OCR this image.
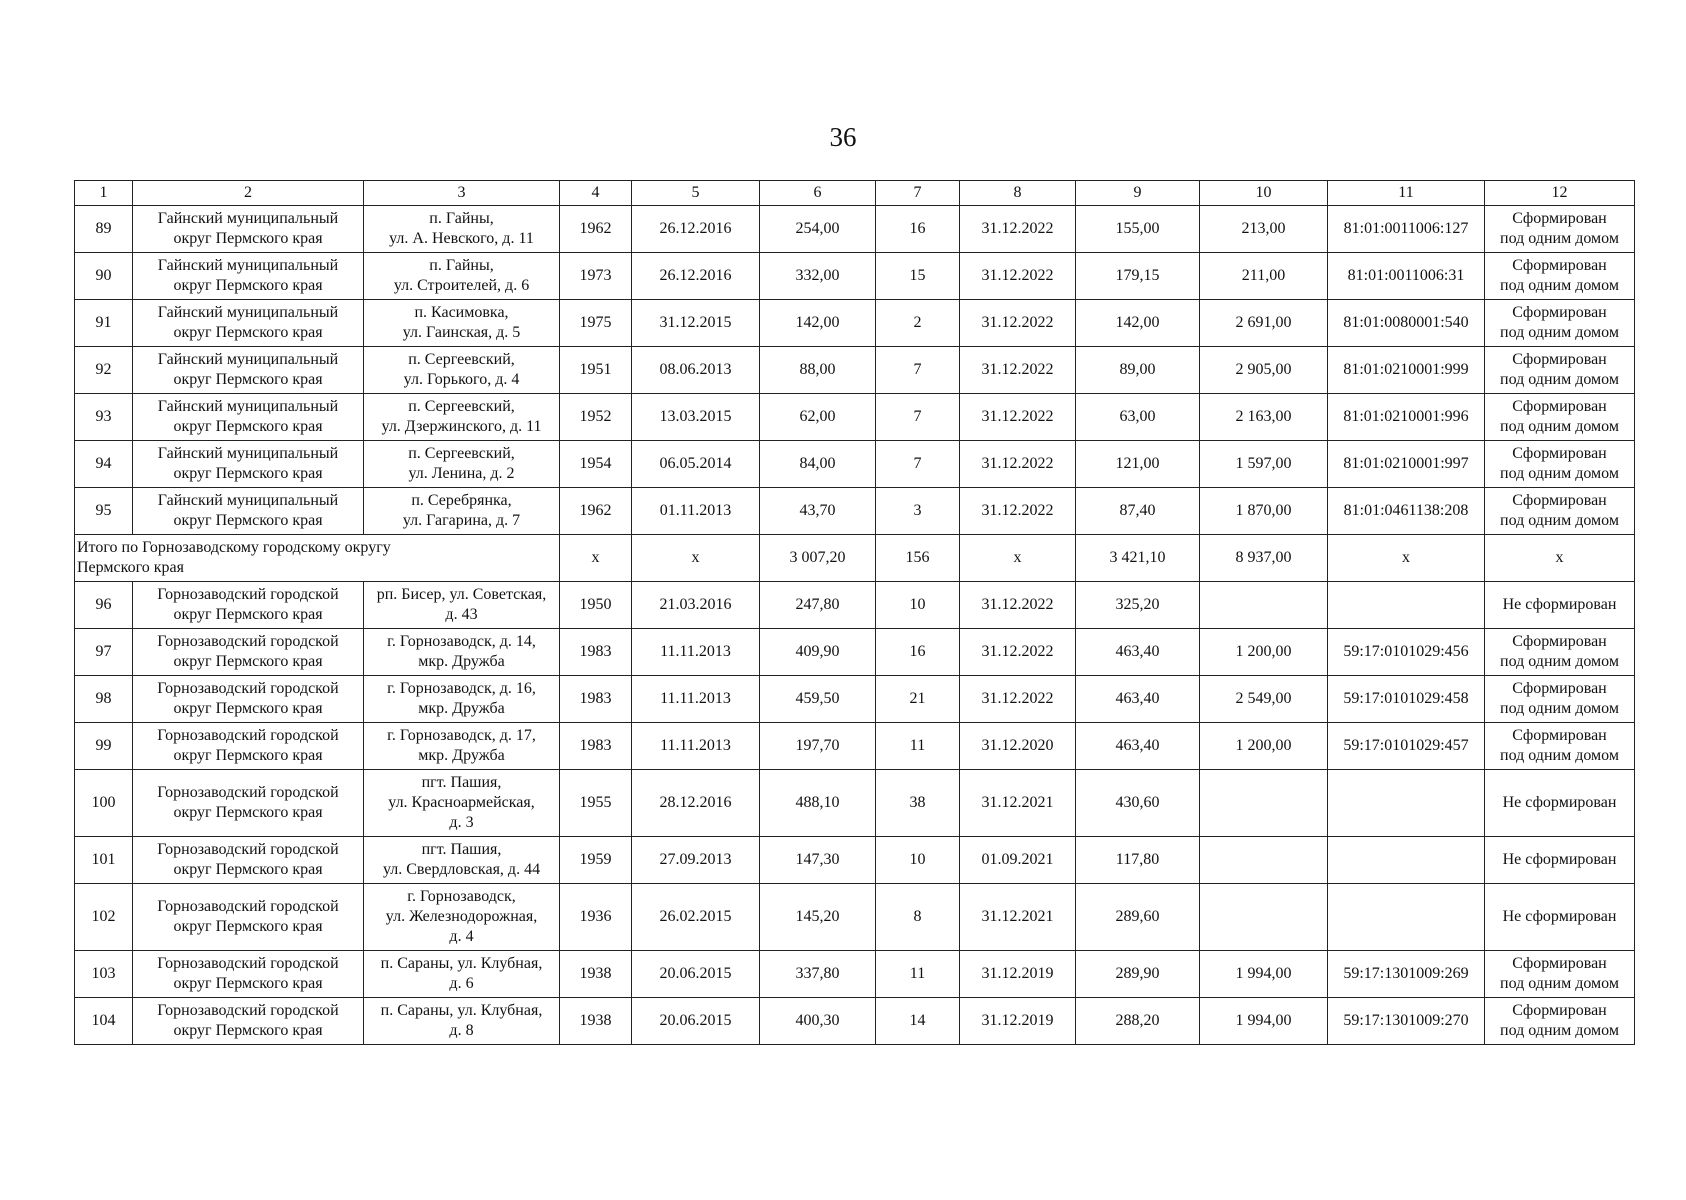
36
1	2	3	4	5	6	7	8	9	10	11	12
89	Гайнский муниципальный
округ Пермского края	п. Гайны,
ул. А. Невского, д. 11	1962	26.12.2016	254,00	16	31.12.2022	155,00	213,00	81:01:0011006:127	Сформирован
под одним домом

90	Гайнский муниципальный
округ Пермского края	п. Гайны,
ул. Строителей, д. 6	1973	26.12.2016	332,00	15	31.12.2022	179,15	211,00	81:01:0011006:31	Сформирован
под одним домом

91	Гайнский муниципальный
округ Пермского края	п. Касимовка,
ул. Гаинская, д. 5	1975	31.12.2015	142,00	2	31.12.2022	142,00	2 691,00	81:01:0080001:540	Сформирован
под одним домом

92	Гайнский муниципальный
округ Пермского края	п. Сергеевский,
ул. Горького, д. 4	1951	08.06.2013	88,00	7	31.12.2022	89,00	2 905,00	81:01:0210001:999	Сформирован
под одним домом

93	Гайнский муниципальный
округ Пермского края	п. Сергеевский,
ул. Дзержинского, д. 11	1952	13.03.2015	62,00	7	31.12.2022	63,00	2 163,00	81:01:0210001:996	Сформирован
под одним домом

94	Гайнский муниципальный
округ Пермского края	п. Сергеевский,
ул. Ленина, д. 2	1954	06.05.2014	84,00	7	31.12.2022	121,00	1 597,00	81:01:0210001:997	Сформирован
под одним домом

95	Гайнский муниципальный
округ Пермского края	п. Серебрянка,
ул. Гагарина, д. 7	1962	01.11.2013	43,70	3	31.12.2022	87,40	1 870,00	81:01:0461138:208	Сформирован
под одним домом

Итого по Горнозаводскому городскому округу
Пермского края			x	x	3 007,20	156	x	3 421,10	8 937,00	x	x

96	Горнозаводский городской
округ Пермского края	рп. Бисер, ул. Советская,
д. 43	1950	21.03.2016	247,80	10	31.12.2022	325,20			Не сформирован

97	Горнозаводский городской
округ Пермского края	г. Горнозаводск, д. 14,
мкр. Дружба	1983	11.11.2013	409,90	16	31.12.2022	463,40	1 200,00	59:17:0101029:456	Сформирован
под одним домом

98	Горнозаводский городской
округ Пермского края	г. Горнозаводск, д. 16,
мкр. Дружба	1983	11.11.2013	459,50	21	31.12.2022	463,40	2 549,00	59:17:0101029:458	Сформирован
под одним домом

99	Горнозаводский городской
округ Пермского края	г. Горнозаводск, д. 17,
мкр. Дружба	1983	11.11.2013	197,70	11	31.12.2020	463,40	1 200,00	59:17:0101029:457	Сформирован
под одним домом

100	Горнозаводский городской
округ Пермского края	пгт. Пашия,
ул. Красноармейская,
д. 3	1955	28.12.2016	488,10	38	31.12.2021	430,60			Не сформирован

101	Горнозаводский городской
округ Пермского края	пгт. Пашия,
ул. Свердловская, д. 44	1959	27.09.2013	147,30	10	01.09.2021	117,80			Не сформирован

102	Горнозаводский городской
округ Пермского края	г. Горнозаводск,
ул. Железнодорожная,
д. 4	1936	26.02.2015	145,20	8	31.12.2021	289,60			Не сформирован

103	Горнозаводский городской
округ Пермского края	п. Сараны, ул. Клубная,
д. 6	1938	20.06.2015	337,80	11	31.12.2019	289,90	1 994,00	59:17:1301009:269	Сформирован
под одним домом

104	Горнозаводский городской
округ Пермского края	п. Сараны, ул. Клубная,
д. 8	1938	20.06.2015	400,30	14	31.12.2019	288,20	1 994,00	59:17:1301009:270	Сформирован
под одним домом
